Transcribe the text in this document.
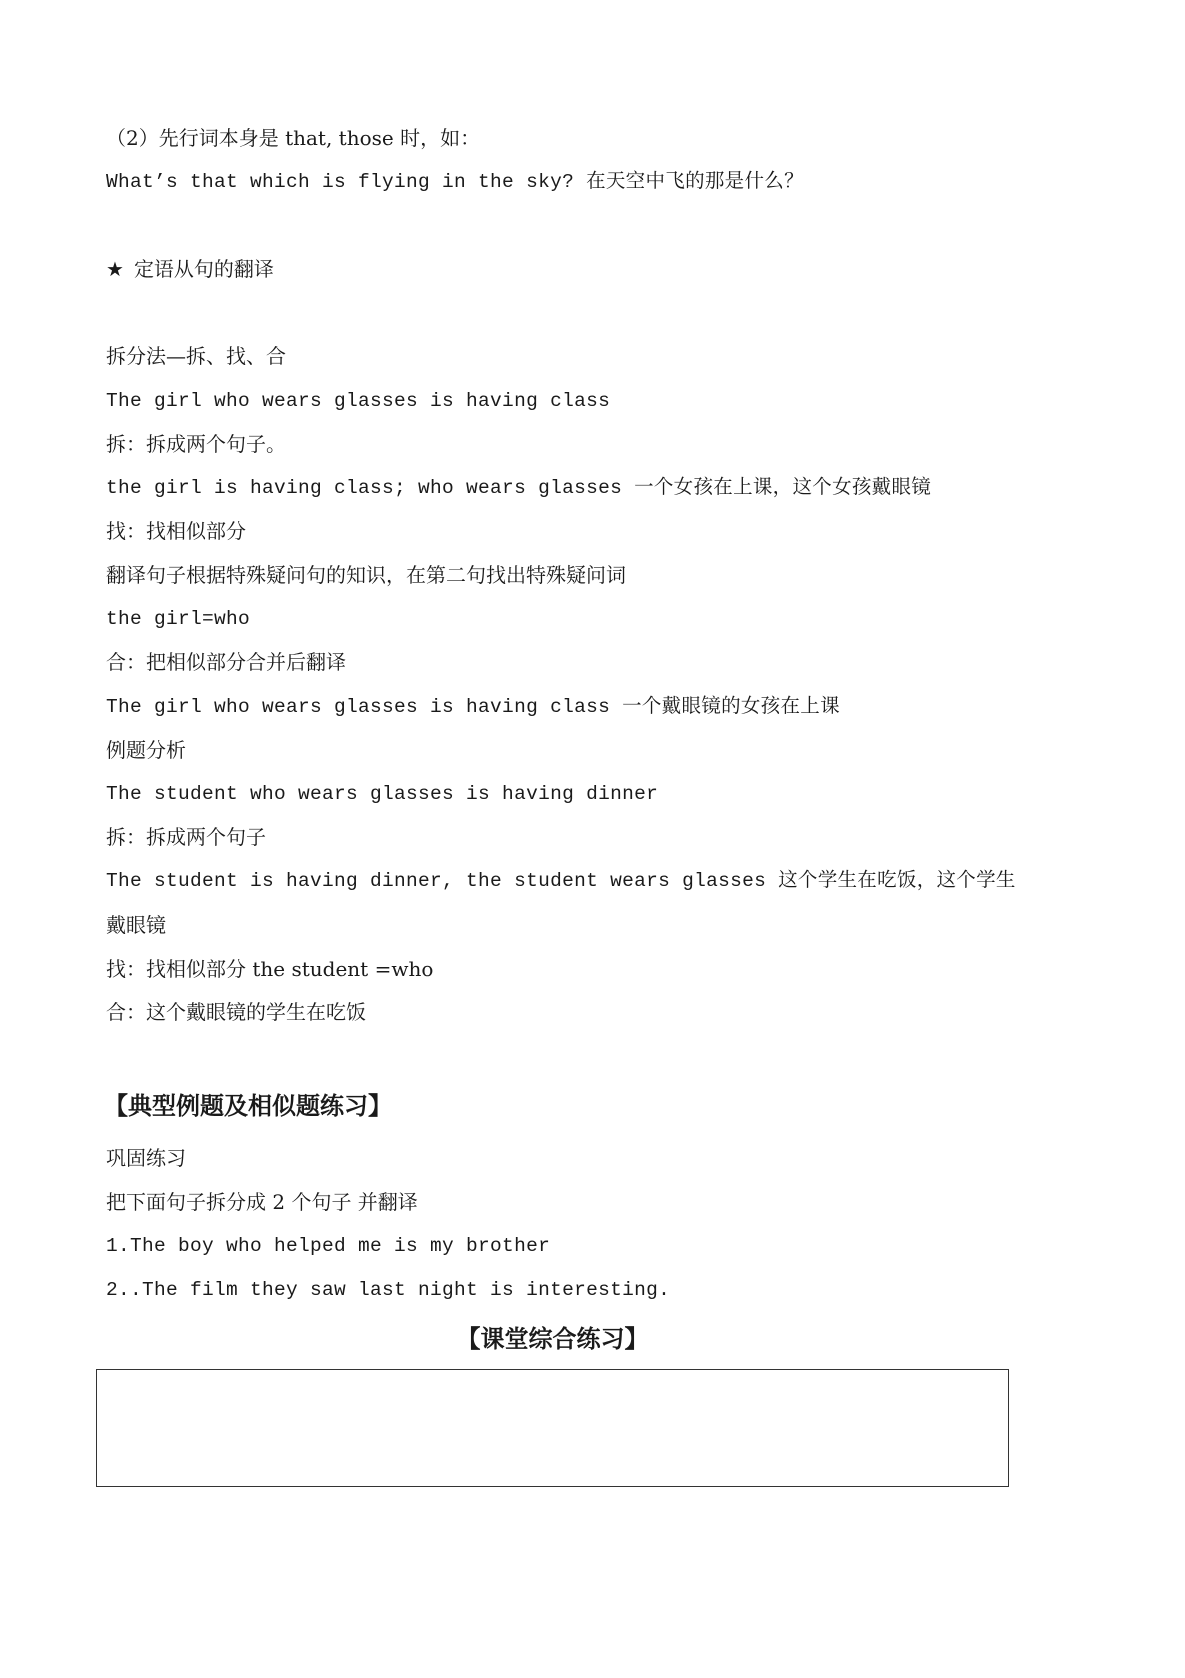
（2）先行词本身是 that, those 时，如：
What’s that which is flying in the sky? 在天空中飞的那是什么？
★ 定语从句的翻译
拆分法—拆、找、合
The girl who wears glasses is having class
拆：拆成两个句子。
the girl is having class; who wears glasses 一个女孩在上课，这个女孩戴眼镜
找：找相似部分
翻译句子根据特殊疑问句的知识，在第二句找出特殊疑问词
the girl=who
合：把相似部分合并后翻译
The girl who wears glasses is having class 一个戴眼镜的女孩在上课
例题分析
The student who wears glasses is having dinner
拆：拆成两个句子
The student is having dinner, the student wears glasses 这个学生在吃饭，这个学生
戴眼镜
找：找相似部分 the student =who
合：这个戴眼镜的学生在吃饭
【典型例题及相似题练习】
巩固练习
把下面句子拆分成 2 个句子 并翻译
1.The boy who helped me is my brother
2..The film they saw last night is interesting.
【课堂综合练习】
